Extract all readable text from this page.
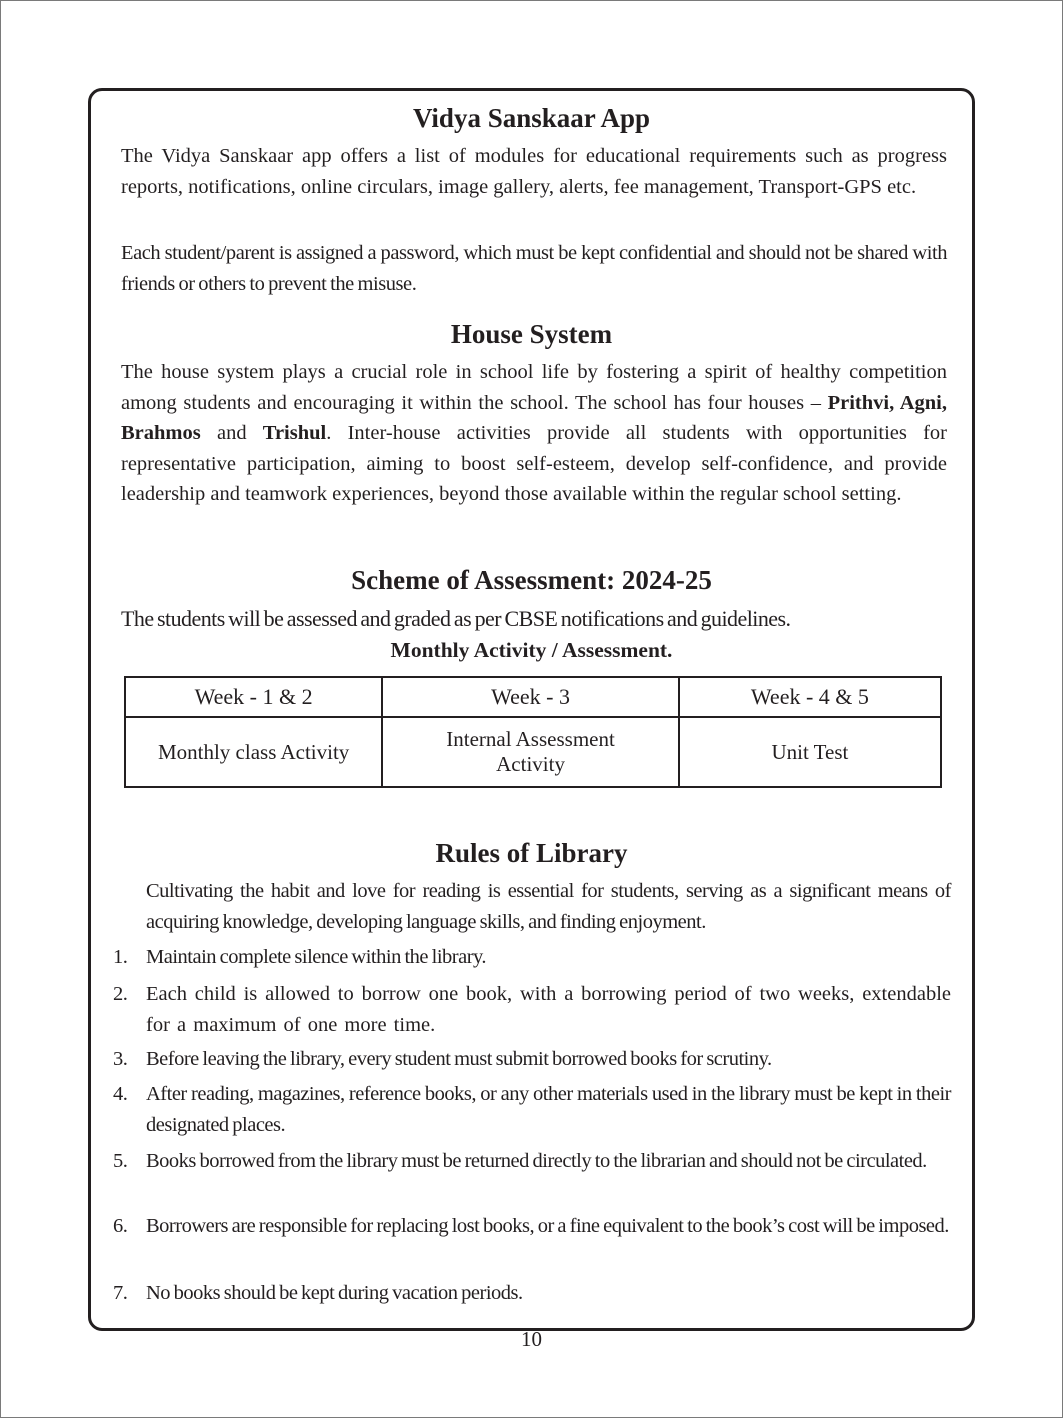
Vidya Sanskaar App
The Vidya Sanskaar app offers a list of modules for educational requirements such as progress reports, notifications, online circulars, image gallery, alerts, fee management, Transport-GPS etc.
Each student/parent is assigned a password, which must be kept confidential and should not be shared with friends or others to prevent the misuse.
House System
The house system plays a crucial role in school life by fostering a spirit of healthy competition among students and encouraging it within the school. The school has four houses – Prithvi, Agni, Brahmos and Trishul. Inter-house activities provide all students with opportunities for representative participation, aiming to boost self-esteem, develop self-confidence, and provide leadership and teamwork experiences, beyond those available within the regular school setting.
Scheme of Assessment: 2024-25
The students will be assessed and graded as per CBSE notifications and guidelines.
Monthly Activity / Assessment.
Week - 1 & 2	Week - 3	Week - 4 & 5
Monthly class Activity	Internal Assessment Activity	Unit Test
Rules of Library
Cultivating the habit and love for reading is essential for students, serving as a significant means of acquiring knowledge, developing language skills, and finding enjoyment.
1. Maintain complete silence within the library.
2. Each child is allowed to borrow one book, with a borrowing period of two weeks, extendable for a maximum of one more time.
3. Before leaving the library, every student must submit borrowed books for scrutiny.
4. After reading, magazines, reference books, or any other materials used in the library must be kept in their designated places.
5. Books borrowed from the library must be returned directly to the librarian and should not be circulated.
6. Borrowers are responsible for replacing lost books, or a fine equivalent to the book’s cost will be imposed.
7. No books should be kept during vacation periods.
10
